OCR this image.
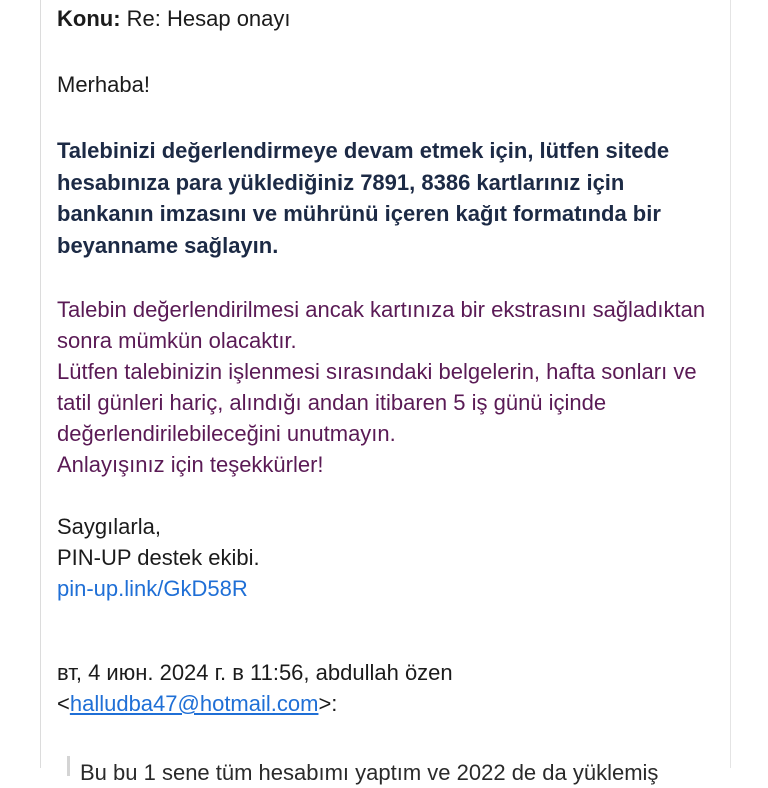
Konu: Re: Hesap onayı

Merhaba!

Talebinizi değerlendirmeye devam etmek için, lütfen sitede hesabınıza para yüklediğiniz 7891, 8386 kartlarınız için bankanın imzasını ve mührünü içeren kağıt formatında bir beyanname sağlayın.

Talebin değerlendirilmesi ancak kartınıza bir ekstrasını sağladıktan sonra mümkün olacaktır.
Lütfen talebinizin işlenmesi sırasındaki belgelerin, hafta sonları ve tatil günleri hariç, alındığı andan itibaren 5 iş günü içinde değerlendirilebileceğini unutmayın.
Anlayışınız için teşekkürler!

Saygılarla,
PIN-UP destek ekibi.
pin-up.link/GkD58R

вт, 4 июн. 2024 г. в 11:56, abdullah özen
<halludba47@hotmail.com>:

Bu bu 1 sene tüm hesabımı yaptım ve 2022 de da yüklemiş
